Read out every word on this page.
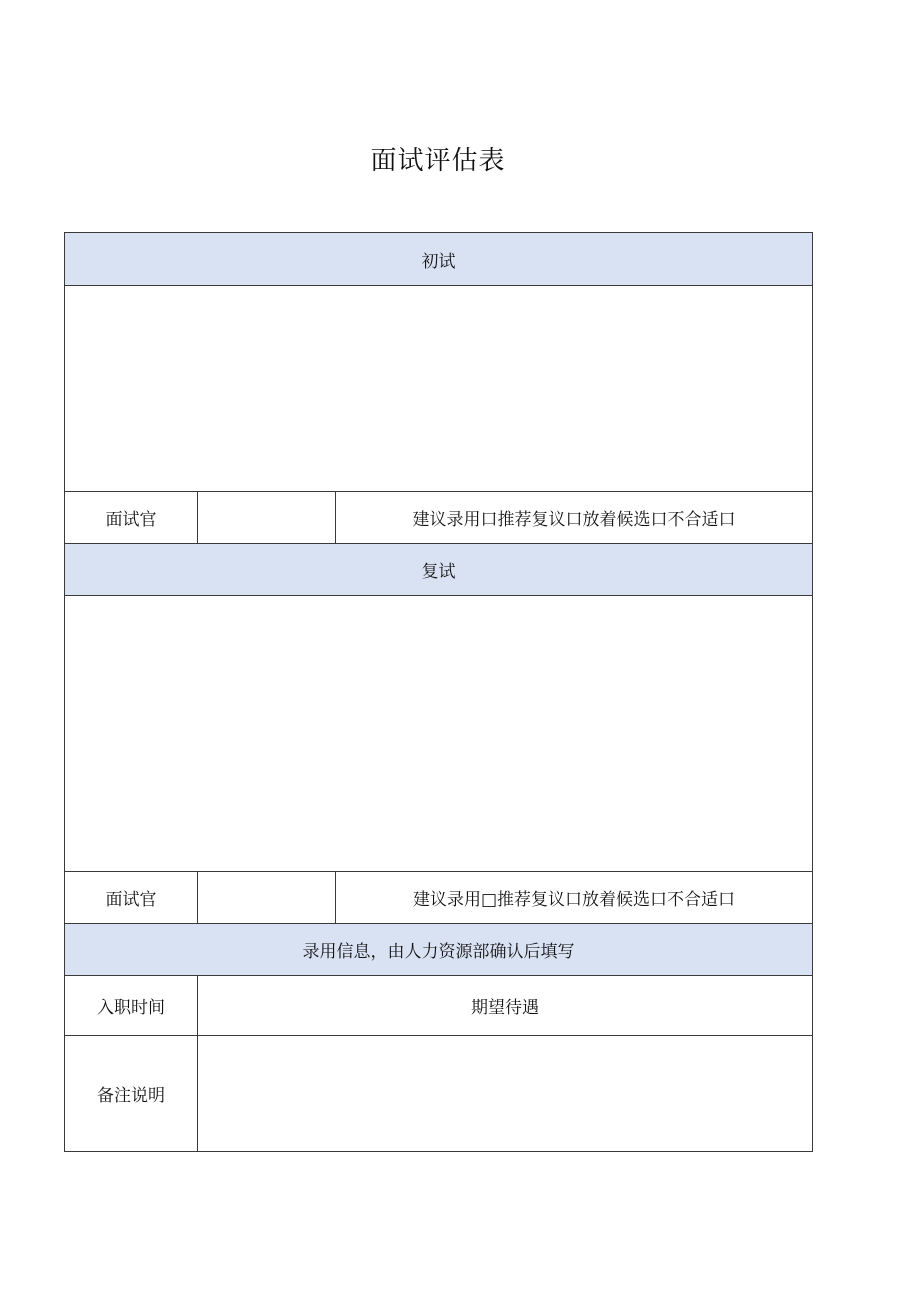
面试评估表
初试		

面试官		建议录用口推荐复议口放着候选口不合适口
复试		

面试官		建议录用□推荐复议口放着候选口不合适口
录用信息，由人力资源部确认后填写		
入职时间	期望待遇	
备注说明		
